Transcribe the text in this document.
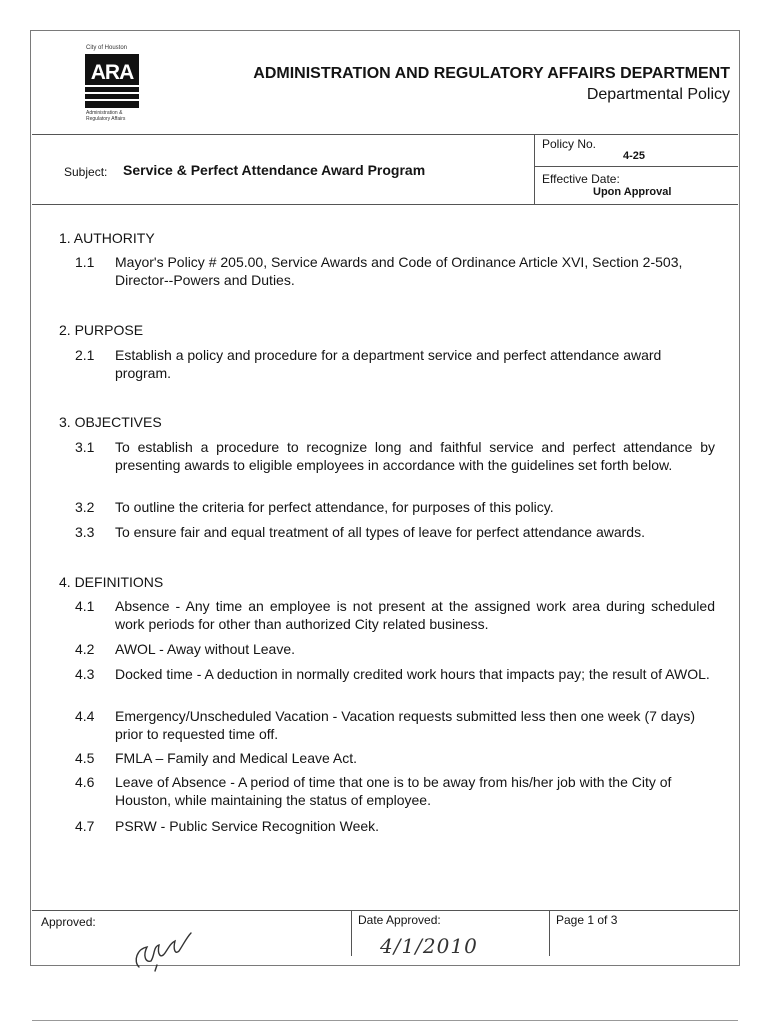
City of Houston
ARA
Administration & Regulatory Affairs
ADMINISTRATION AND REGULATORY AFFAIRS DEPARTMENT
Departmental Policy
Subject: Service & Perfect Attendance Award Program
Policy No.
4-25
Effective Date:
Upon Approval
1. AUTHORITY
1.1 Mayor's Policy # 205.00, Service Awards and Code of Ordinance Article XVI, Section 2-503, Director--Powers and Duties.
2. PURPOSE
2.1 Establish a policy and procedure for a department service and perfect attendance award program.
3. OBJECTIVES
3.1 To establish a procedure to recognize long and faithful service and perfect attendance by presenting awards to eligible employees in accordance with the guidelines set forth below.
3.2 To outline the criteria for perfect attendance, for purposes of this policy.
3.3 To ensure fair and equal treatment of all types of leave for perfect attendance awards.
4. DEFINITIONS
4.1 Absence - Any time an employee is not present at the assigned work area during scheduled work periods for other than authorized City related business.
4.2 AWOL - Away without Leave.
4.3 Docked time - A deduction in normally credited work hours that impacts pay; the result of AWOL.
4.4 Emergency/Unscheduled Vacation - Vacation requests submitted less then one week (7 days) prior to requested time off.
4.5 FMLA – Family and Medical Leave Act.
4.6 Leave of Absence - A period of time that one is to be away from his/her job with the City of Houston, while maintaining the status of employee.
4.7 PSRW - Public Service Recognition Week.
Approved:	Date Approved:	Page 1 of 3
4/1/2010
